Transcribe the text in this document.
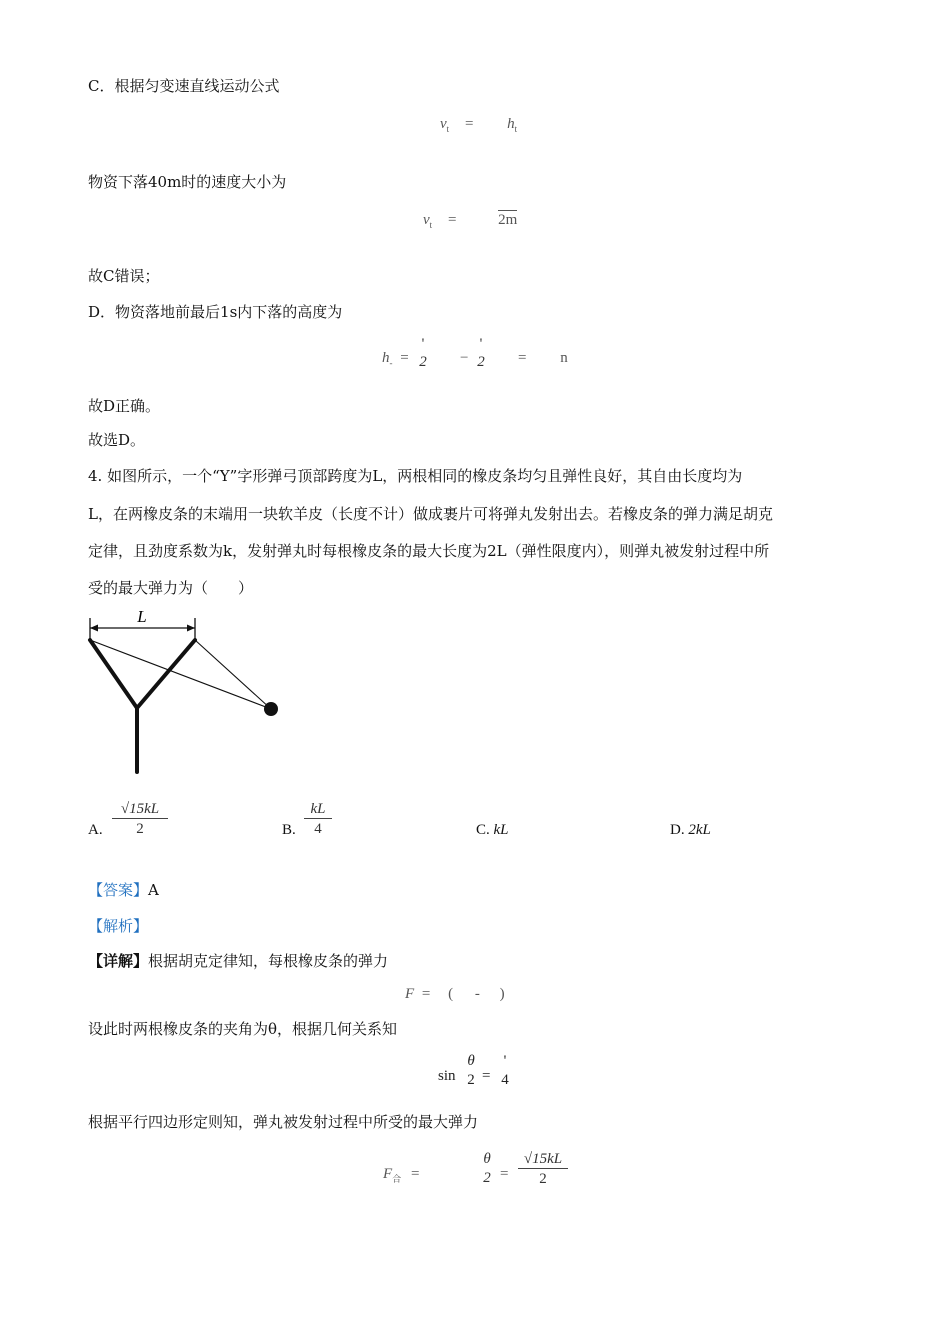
C．根据匀变速直线运动公式
$v_t = h_t$
物资下落40m时的速度大小为
$v_t$ =	2m
故C错误；
D．物资落地前最后1s内下落的高度为
$h_-$ =
'
2 −
'
2 = n
故D正确。
故选D。
4. 如图所示，一个“Y”字形弹弓顶部跨度为L，两根相同的橡皮条均匀且弹性良好，其自由长度均为
L，在两橡皮条的末端用一块软羊皮（长度不计）做成裹片可将弹丸发射出去。若橡皮条的弹力满足胡克
定律，且劲度系数为k，发射弹丸时每根橡皮条的最大长度为2L（弹性限度内），则弹丸被发射过程中所
受的最大弹力为（　　）
L
A. $\frac{√15kL}{2}$	B. $\frac{kL}{4}$	C. kL	D. 2kL
【答案】A
【解析】
【详解】根据胡克定律知，每根橡皮条的弹力
F = ( - )
设此时两根橡皮条的夹角为θ，根据几何关系知
sin
θ
2 =
'
4
根据平行四边形定则知，弹丸被发射过程中所受的最大弹力
$F_合$ =
θ
$2 = \frac{√15kL}{2}$
